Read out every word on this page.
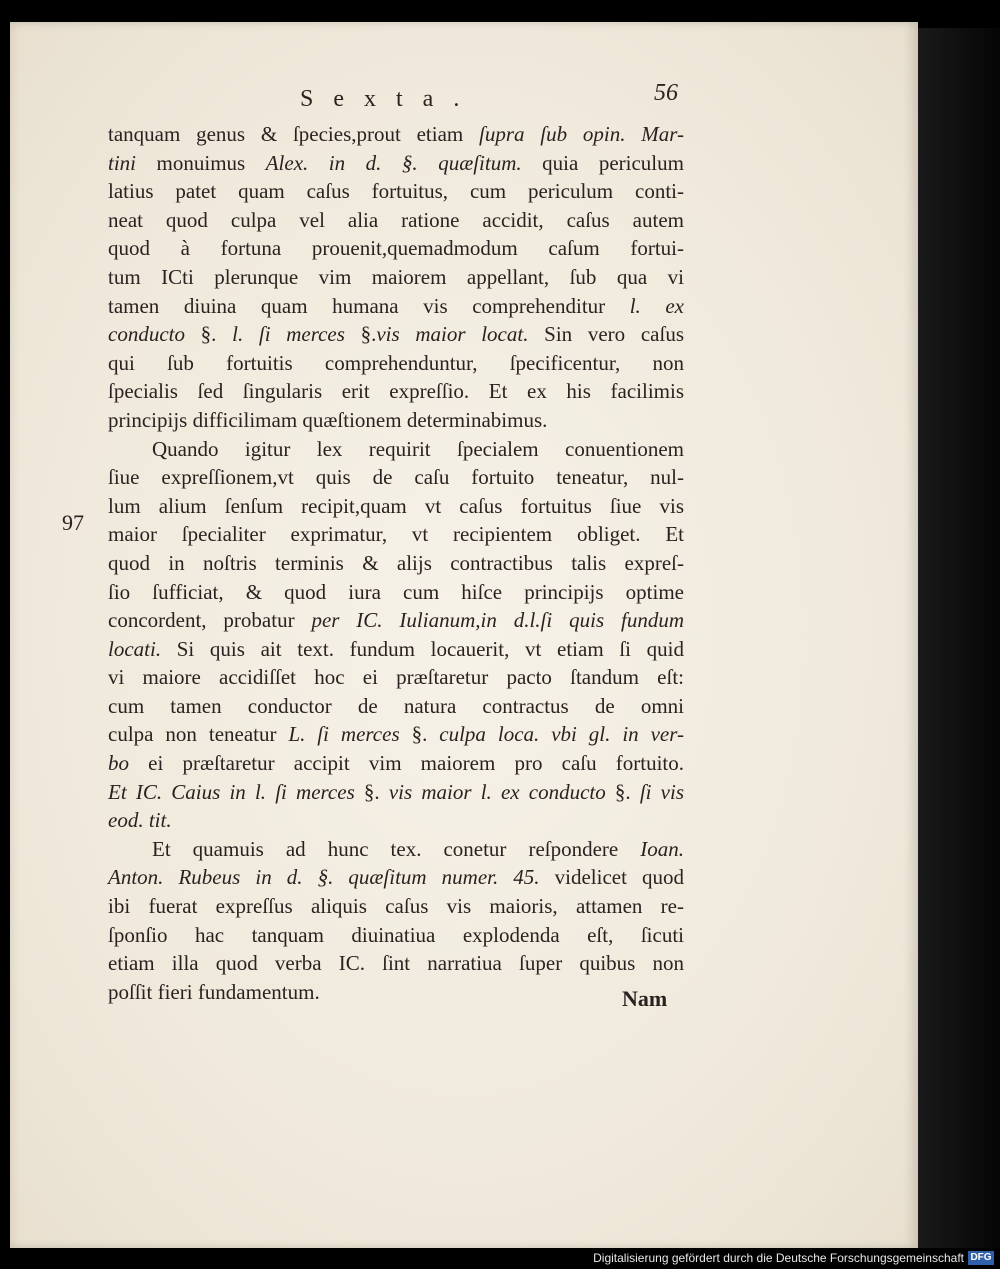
Sexta.	56
97
tanquam genus & ſpecies,prout etiam ſupra ſub opin. Mar-
tini monuimus Alex. in d. §. quæſitum. quia periculum
latius patet quam caſus fortuitus, cum periculum conti-
neat quod culpa vel alia ratione accidit, caſus autem
quod à fortuna prouenit,quemadmodum caſum fortui-
tum ICti plerunque vim maiorem appellant, ſub qua vi
tamen diuina quam humana vis comprehenditur l. ex
conducto §. l. ſi merces §.vis maior locat. Sin vero caſus
qui ſub fortuitis comprehenduntur, ſpecificentur, non
ſpecialis ſed ſingularis erit expreſſio. Et ex his facilimis
principijs difficilimam quæſtionem determinabimus.
Quando igitur lex requirit ſpecialem conuentionem
ſiue expreſſionem,vt quis de caſu fortuito teneatur, nul-
lum alium ſenſum recipit,quam vt caſus fortuitus ſiue vis
maior ſpecialiter exprimatur, vt recipientem obliget. Et
quod in noſtris terminis & alijs contractibus talis expreſ-
ſio ſufficiat, & quod iura cum hiſce principijs optime
concordent, probatur per IC. Iulianum,in d.l.ſi quis fundum
locati. Si quis ait text. fundum locauerit, vt etiam ſi quid
vi maiore accidiſſet hoc ei præſtaretur pacto ſtandum eſt:
cum tamen conductor de natura contractus de omni
culpa non teneatur L. ſi merces §. culpa loca. vbi gl. in ver-
bo ei præſtaretur accipit vim maiorem pro caſu fortuito.
Et IC. Caius in l. ſi merces §. vis maior l. ex conducto §. ſi vis
eod. tit.
Et quamuis ad hunc tex. conetur reſpondere Ioan.
Anton. Rubeus in d. §. quæſitum numer. 45. videlicet quod
ibi fuerat expreſſus aliquis caſus vis maioris, attamen re-
ſponſio hac tanquam diuinatiua explodenda eſt, ſicuti
etiam illa quod verba IC. ſint narratiua ſuper quibus non
poſſit fieri fundamentum.	Nam
Digitalisierung gefördert durch die Deutsche Forschungsgemeinschaft DFG
